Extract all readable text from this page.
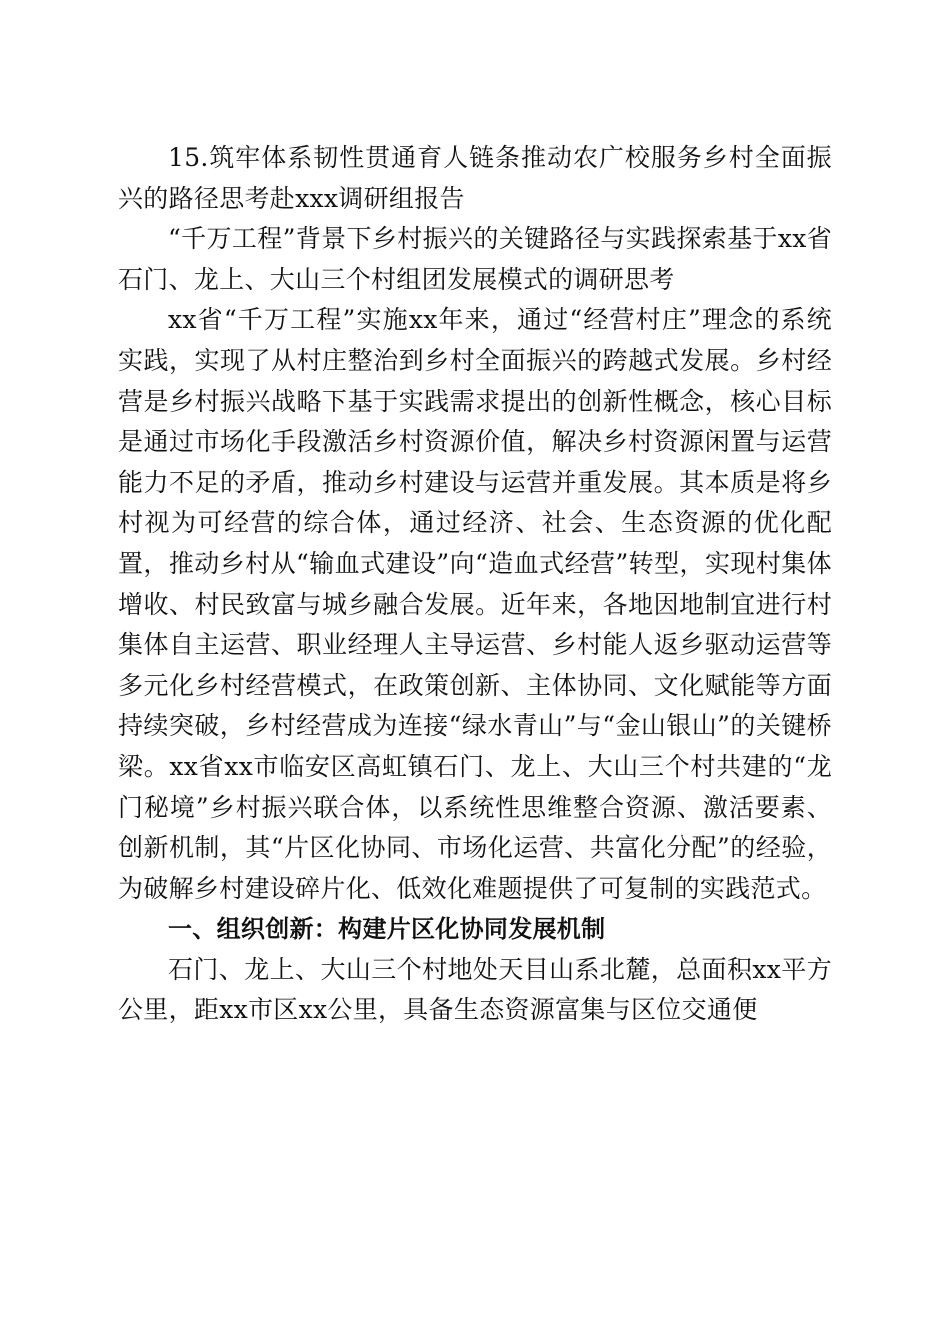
15.筑牢体系韧性贯通育人链条推动农广校服务乡村全面振兴的路径思考赴xxx调研组报告

“千万工程”背景下乡村振兴的关键路径与实践探索基于xx省石门、龙上、大山三个村组团发展模式的调研思考

xx省“千万工程”实施xx年来，通过“经营村庄”理念的系统实践，实现了从村庄整治到乡村全面振兴的跨越式发展。乡村经营是乡村振兴战略下基于实践需求提出的创新性概念，核心目标是通过市场化手段激活乡村资源价值，解决乡村资源闲置与运营能力不足的矛盾，推动乡村建设与运营并重发展。其本质是将乡村视为可经营的综合体，通过经济、社会、生态资源的优化配置，推动乡村从“输血式建设”向“造血式经营”转型，实现村集体增收、村民致富与城乡融合发展。近年来，各地因地制宜进行村集体自主运营、职业经理人主导运营、乡村能人返乡驱动运营等多元化乡村经营模式，在政策创新、主体协同、文化赋能等方面持续突破，乡村经营成为连接“绿水青山”与“金山银山”的关键桥梁。xx省xx市临安区高虹镇石门、龙上、大山三个村共建的“龙门秘境”乡村振兴联合体，以系统性思维整合资源、激活要素、创新机制，其“片区化协同、市场化运营、共富化分配”的经验，为破解乡村建设碎片化、低效化难题提供了可复制的实践范式。

一、组织创新：构建片区化协同发展机制

石门、龙上、大山三个村地处天目山系北麓，总面积xx平方公里，距xx市区xx公里，具备生态资源富集与区位交通便
